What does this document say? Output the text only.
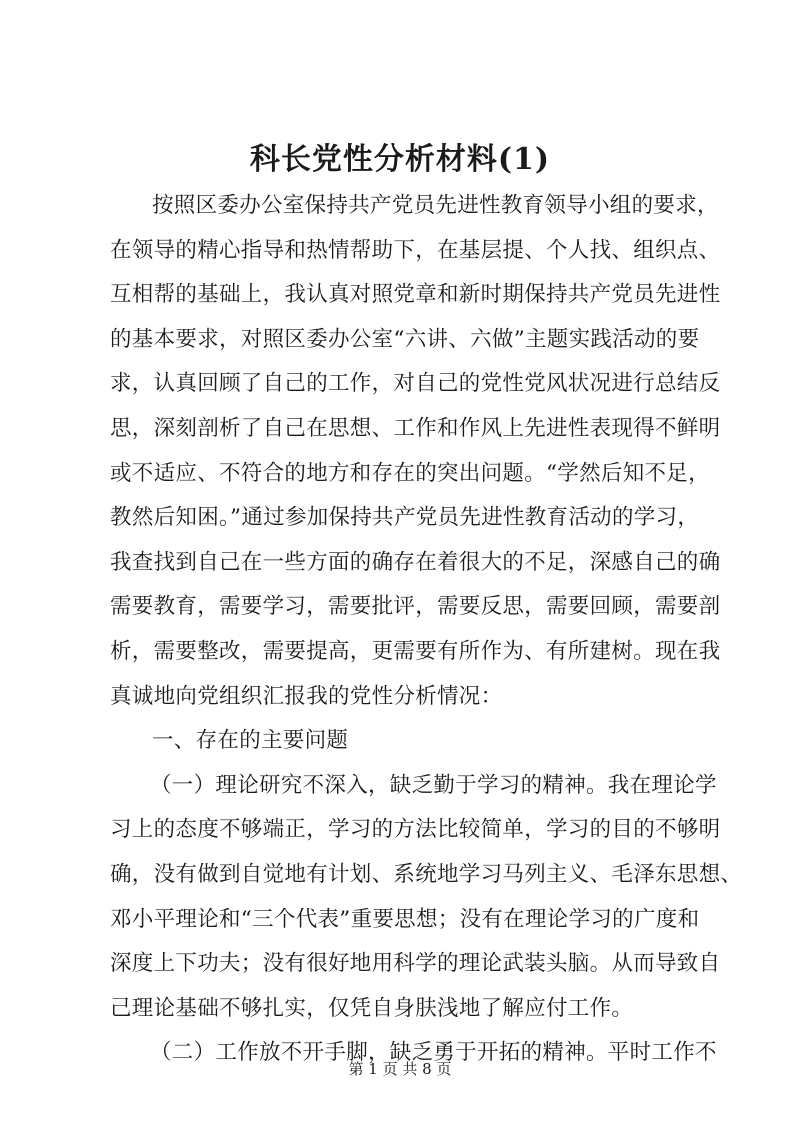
科长党性分析材料(1)
按照区委办公室保持共产党员先进性教育领导小组的要求，
在领导的精心指导和热情帮助下，在基层提、个人找、组织点、
互相帮的基础上，我认真对照党章和新时期保持共产党员先进性
的基本要求，对照区委办公室“六讲、六做”主题实践活动的要
求，认真回顾了自己的工作，对自己的党性党风状况进行总结反
思，深刻剖析了自己在思想、工作和作风上先进性表现得不鲜明
或不适应、不符合的地方和存在的突出问题。“学然后知不足，
教然后知困。”通过参加保持共产党员先进性教育活动的学习，
我查找到自己在一些方面的确存在着很大的不足，深感自己的确
需要教育，需要学习，需要批评，需要反思，需要回顾，需要剖
析，需要整改，需要提高，更需要有所作为、有所建树。现在我
真诚地向党组织汇报我的党性分析情况：
一、存在的主要问题
（一）理论研究不深入，缺乏勤于学习的精神。我在理论学
习上的态度不够端正，学习的方法比较简单，学习的目的不够明
确，没有做到自觉地有计划、系统地学习马列主义、毛泽东思想、
邓小平理论和“三个代表”重要思想；没有在理论学习的广度和
深度上下功夫；没有很好地用科学的理论武装头脑。从而导致自
己理论基础不够扎实，仅凭自身肤浅地了解应付工作。
（二）工作放不开手脚，缺乏勇于开拓的精神。平时工作不
第 1 页 共 8 页
